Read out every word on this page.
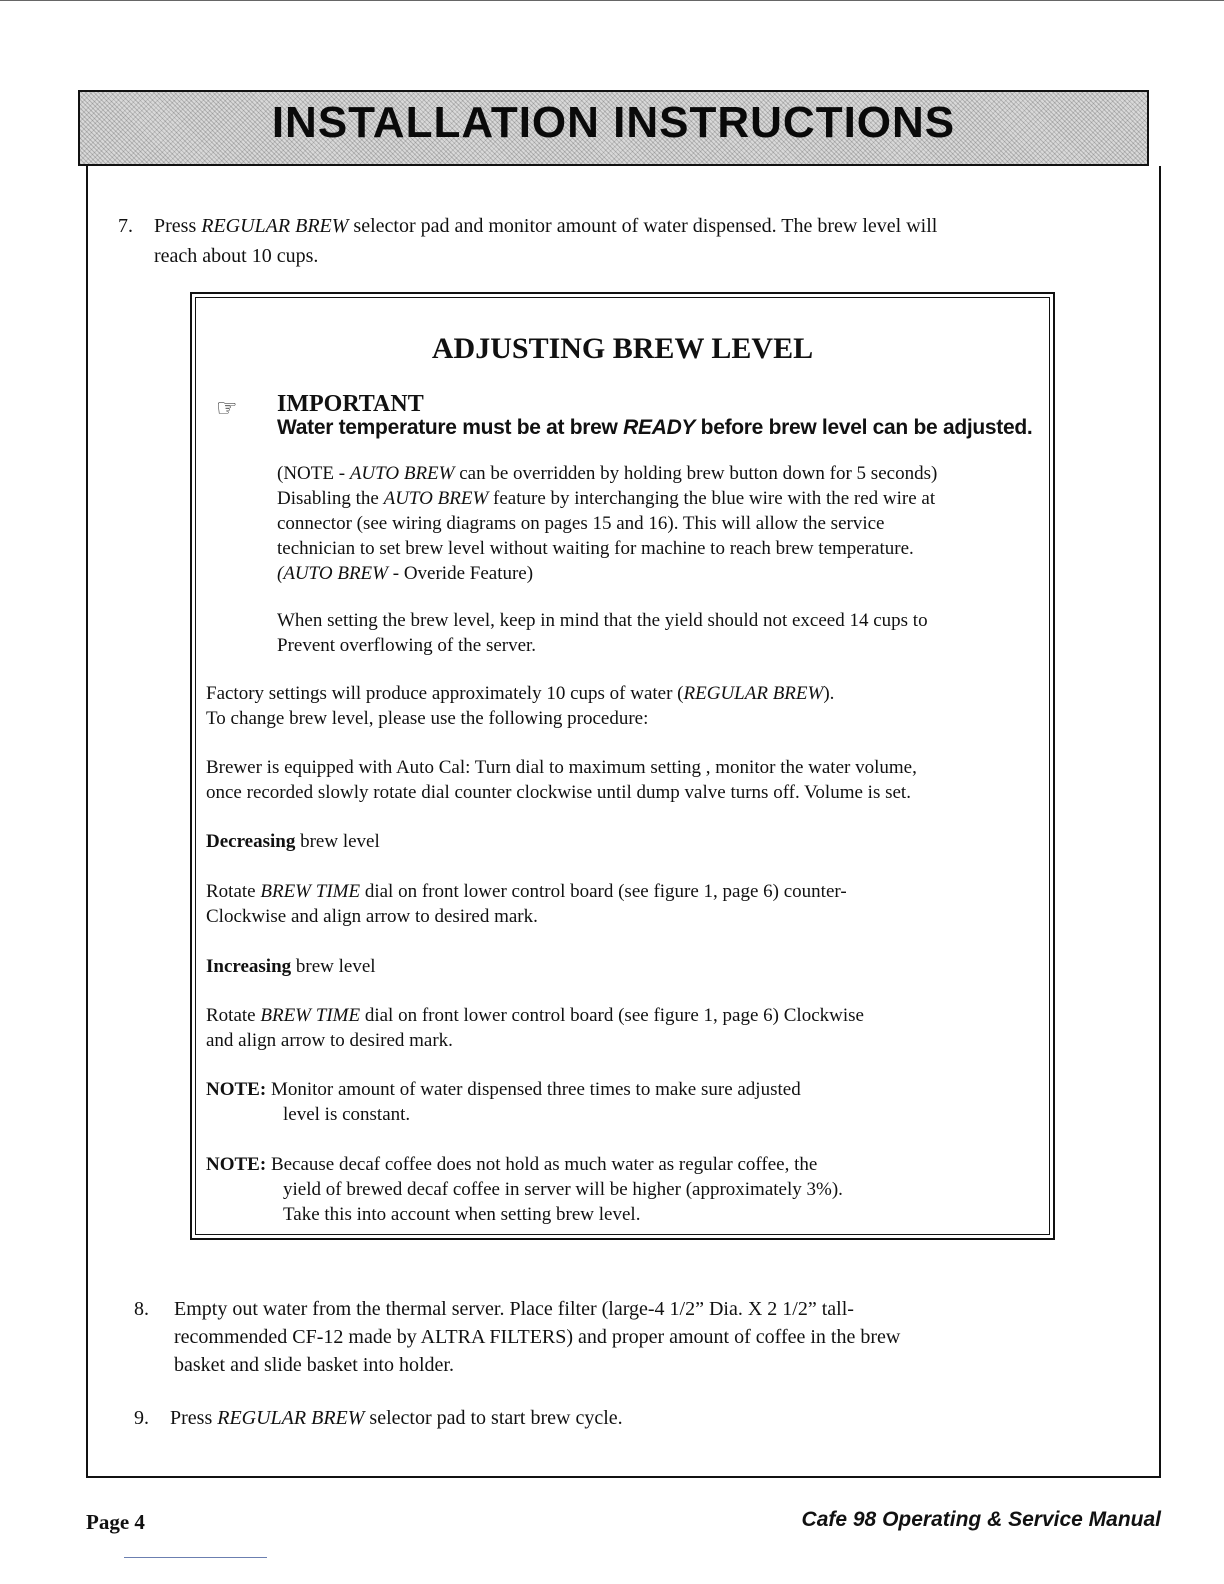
INSTALLATION INSTRUCTIONS
7. Press REGULAR BREW selector pad and monitor amount of water dispensed. The brew level will
reach about 10 cups.
ADJUSTING BREW LEVEL
☞ IMPORTANT
Water temperature must be at brew READY before brew level can be adjusted.
(NOTE - AUTO BREW can be overridden by holding brew button down for 5 seconds)
Disabling the AUTO BREW feature by interchanging the blue wire with the red wire at
connector (see wiring diagrams on pages 15 and 16). This will allow the service
technician to set brew level without waiting for machine to reach brew temperature.
(AUTO BREW - Overide Feature)
When setting the brew level, keep in mind that the yield should not exceed 14 cups to
Prevent overflowing of the server.
Factory settings will produce approximately 10 cups of water (REGULAR BREW).
To change brew level, please use the following procedure:
Brewer is equipped with Auto Cal: Turn dial to maximum setting , monitor the water volume,
once recorded slowly rotate dial counter clockwise until dump valve turns off. Volume is set.
Decreasing brew level
Rotate BREW TIME dial on front lower control board (see figure 1, page 6) counter-
Clockwise and align arrow to desired mark.
Increasing brew level
Rotate BREW TIME dial on front lower control board (see figure 1, page 6) Clockwise
and align arrow to desired mark.
NOTE: Monitor amount of water dispensed three times to make sure adjusted
level is constant.
NOTE: Because decaf coffee does not hold as much water as regular coffee, the
yield of brewed decaf coffee in server will be higher (approximately 3%).
Take this into account when setting brew level.
8. Empty out water from the thermal server. Place filter (large-4 1/2” Dia. X 2 1/2” tall-
recommended CF-12 made by ALTRA FILTERS) and proper amount of coffee in the brew
basket and slide basket into holder.
9. Press REGULAR BREW selector pad to start brew cycle.
Page 4	Cafe 98 Operating & Service Manual
